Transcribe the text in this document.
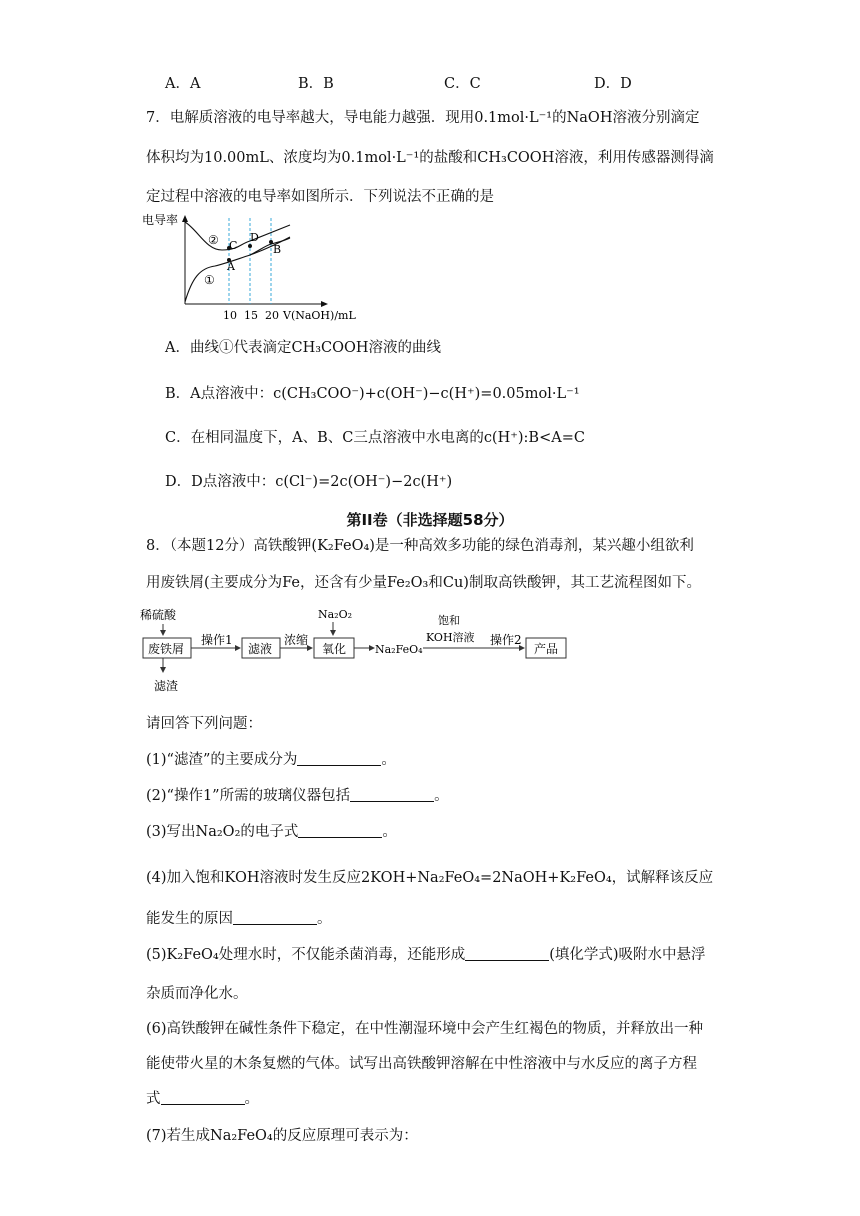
A．A	B．B	C．C	D．D
7．电解质溶液的电导率越大，导电能力越强．现用0.1mol·L⁻¹的NaOH溶液分别滴定
体积均为10.00mL、浓度均为0.1mol·L⁻¹的盐酸和CH₃COOH溶液，利用传感器测得滴
定过程中溶液的电导率如图所示．下列说法不正确的是
电导率
②
①
A
B
C
D
10 15 20 V(NaOH)/mL
A．曲线①代表滴定CH₃COOH溶液的曲线
B．A点溶液中：c(CH₃COO⁻)+c(OH⁻)−c(H⁺)=0.05mol·L⁻¹
C．在相同温度下，A、B、C三点溶液中水电离的c(H⁺):B<A=C
D．D点溶液中：c(Cl⁻)=2c(OH⁻)−2c(H⁺)
第II卷（非选择题58分）
8．（本题12分）高铁酸钾(K₂FeO₄)是一种高效多功能的绿色消毒剂，某兴趣小组欲利
用废铁屑(主要成分为Fe，还含有少量Fe₂O₃和Cu)制取高铁酸钾，其工艺流程图如下。
稀硫酸
废铁屑
滤渣
操作1
滤液
浓缩
Na₂O₂
氧化	Na₂FeO₄
饱和
KOH溶液 操作2
产品
请回答下列问题：
(1)“滤渣”的主要成分为	。
(2)“操作1”所需的玻璃仪器包括	。
(3)写出Na₂O₂的电子式	。
(4)加入饱和KOH溶液时发生反应2KOH+Na₂FeO₄=2NaOH+K₂FeO₄，试解释该反应
能发生的原因	。
(5)K₂FeO₄处理水时，不仅能杀菌消毒，还能形成	(填化学式)吸附水中悬浮
杂质而净化水。
(6)高铁酸钾在碱性条件下稳定，在中性潮湿环境中会产生红褐色的物质，并释放出一种
能使带火星的木条复燃的气体。试写出高铁酸钾溶解在中性溶液中与水反应的离子方程
式	。
(7)若生成Na₂FeO₄的反应原理可表示为：
